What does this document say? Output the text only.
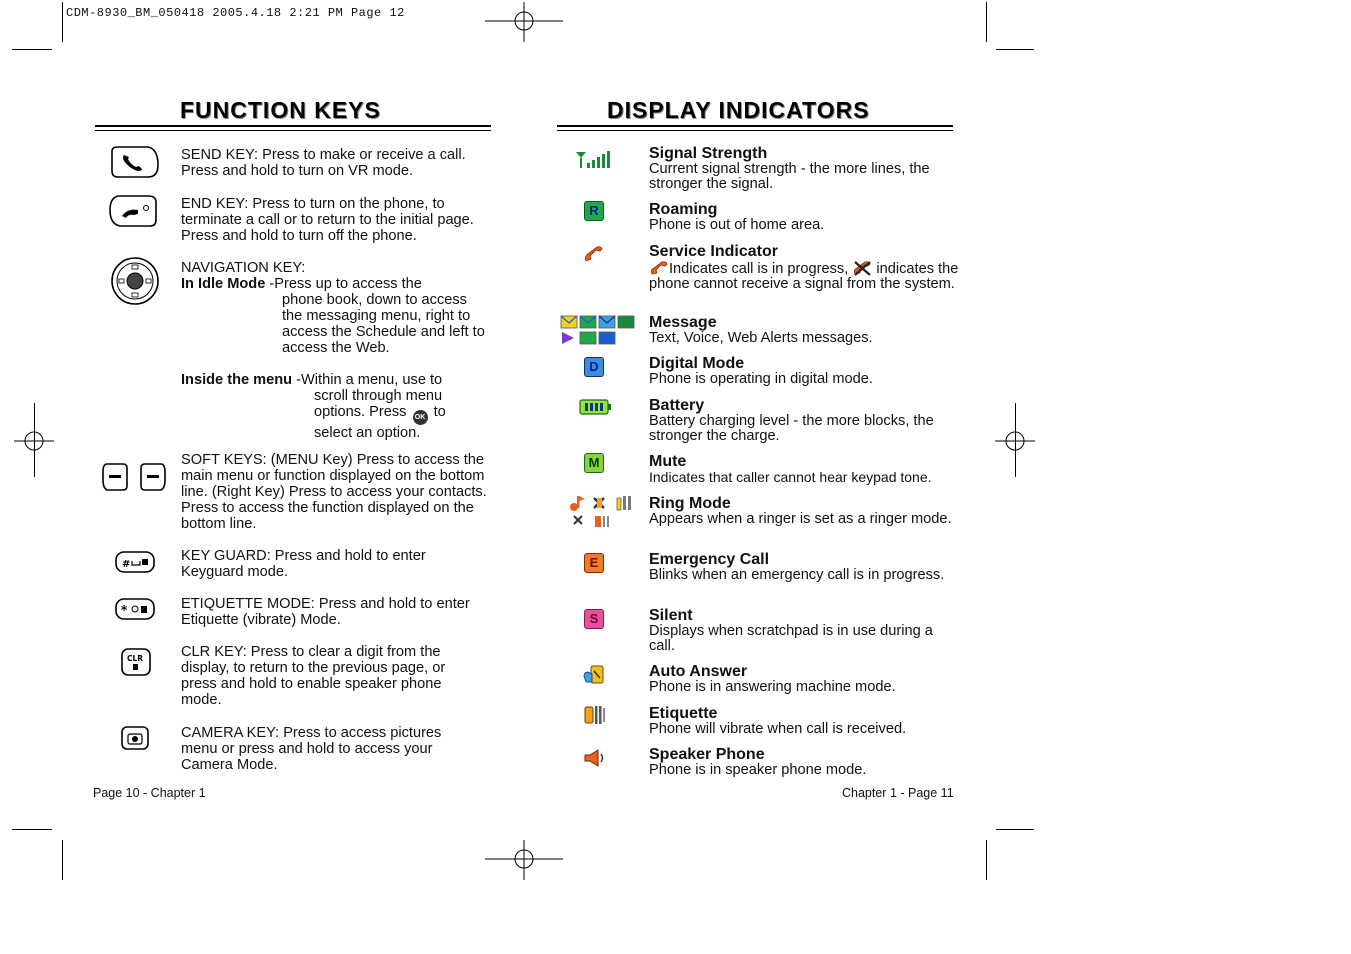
CDM-8930_BM_050418 2005.4.18 2:21 PM Page 12
FUNCTION KEYS
SEND KEY: Press to make or receive a call. Press and hold to turn on VR mode.
END KEY: Press to turn on the phone, to terminate a call or to return to the initial page. Press and hold to turn off the phone.
NAVIGATION KEY:
In Idle Mode -Press up to access the
phone book, down to access the messaging menu, right to access the Schedule and left to access the Web.
Inside the menu -Within a menu, use to
scroll through menu
options. Press OK to
select an option.
SOFT KEYS: (MENU Key) Press to access the main menu or function displayed on the bottom line. (Right Key) Press to access your contacts. Press to access the function displayed on the bottom line.
#
KEY GUARD: Press and hold to enter Keyguard mode.
*	ETIQUETTE MODE: Press and hold to enter Etiquette (vibrate) Mode.
CLR	CLR KEY: Press to clear a digit from the display, to return to the previous page, or press and hold to enable speaker phone mode.
CAMERA KEY: Press to access pictures menu or press and hold to access your Camera Mode.
Page 10 - Chapter 1
DISPLAY INDICATORS
Signal Strength
Current signal strength - the more lines, the stronger the signal.
R	Roaming
Phone is out of home area.
Service Indicator
Indicates call is in progress, indicates the phone cannot receive a signal from the system.
Message
Text, Voice, Web Alerts messages.
D	Digital Mode
Phone is operating in digital mode.
Battery
Battery charging level - the more blocks, the stronger the charge.
M	Mute
Indicates that caller cannot hear keypad tone.
Ring Mode
Appears when a ringer is set as a ringer mode.
E	Emergency Call
Blinks when an emergency call is in progress.
S	Silent
Displays when scratchpad is in use during a call.
Auto Answer
Phone is in answering machine mode.
Etiquette
Phone will vibrate when call is received.
Speaker Phone
Phone is in speaker phone mode.
Chapter 1 - Page 11
